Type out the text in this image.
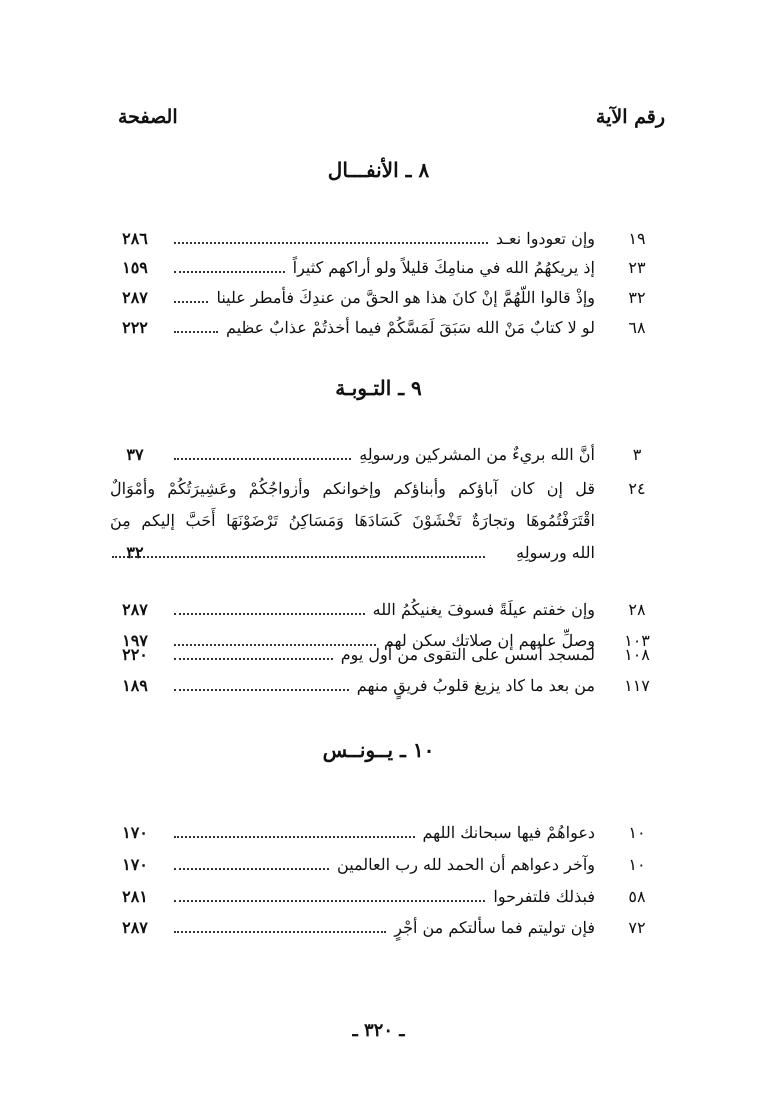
رقم الآية
الصفحة
٨ ـ الأنفـــال
١٩
وإن تعودوا نعـد
٢٨٦
٢٣
إذ يريكهُمُ الله في منامِكَ قليلاً ولو أراكهم كثيراً
١٥٩
٣٢
وإذْ قالوا اللّهُمَّ إنْ كانَ هذا هو الحقَّ من عندِكَ فأمطر علينا
٢٨٧
٦٨
لو لا كتابٌ مَنْ الله سَبَقَ لَمَسَّكُمْ فيما أخذتُمْ عذابٌ عظيم
٢٢٢
٩ ـ التـوبـة
٣
أنَّ الله بريءٌ من المشركين ورسولِهِ
٣٧
٢٤
قل إن كان آباؤكم وأبناؤكم وإخوانكم وأزواجُكُمْ وعَشِيرَتُكُمْ وأمْوَالٌ
اقْتَرَفْتُمُوهَا وتجارَةٌ تَخْشَوْنَ كَسَادَهَا وَمَسَاكِنُ تَرْضَوْنَهَا أَحَبَّ إليكم مِنَ
الله ورسولِهِ
٣٢
٢٨
وإن خفتم عيلَةً فسوفَ يغنيكُمُ الله
٢٨٧
١٠٣
وصلِّ عليهم إن صلاتك سكن لهم
١٩٧
١٠٨
لمسجد أسس على التقوى من أول يوم
٢٢٠
١١٧
من بعد ما كاد يزيغ قلوبُ فريقٍ منهم
١٨٩
١٠ ـ يــونــس
١٠
دعواهُمْ فيها سبحانك اللهم
١٧٠
١٠
وآخر دعواهم أن الحمد لله رب العالمين
١٧٠
٥٨
فبذلك فلتفرحوا
٢٨١
٧٢
فإن توليتم فما سألتكم من أجْرٍ
٢٨٧
ـ ٣٢٠ ـ
